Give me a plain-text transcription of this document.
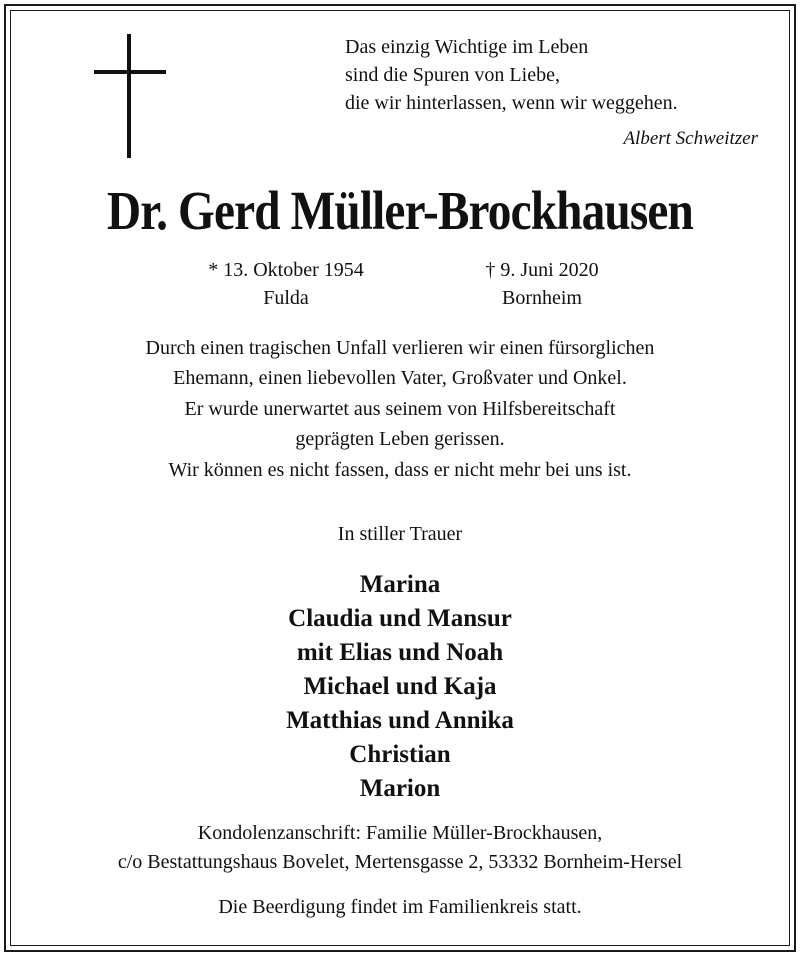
Das einzig Wichtige im Leben
sind die Spuren von Liebe,
die wir hinterlassen, wenn wir weggehen.
Albert Schweitzer
Dr. Gerd Müller-Brockhausen
* 13. Oktober 1954
Fulda
† 9. Juni 2020
Bornheim
Durch einen tragischen Unfall verlieren wir einen fürsorglichen
Ehemann, einen liebevollen Vater, Großvater und Onkel.
Er wurde unerwartet aus seinem von Hilfsbereitschaft
geprägten Leben gerissen.
Wir können es nicht fassen, dass er nicht mehr bei uns ist.
In stiller Trauer
Marina
Claudia und Mansur
mit Elias und Noah
Michael und Kaja
Matthias und Annika
Christian
Marion
Kondolenzanschrift: Familie Müller-Brockhausen,
c/o Bestattungshaus Bovelet, Mertensgasse 2, 53332 Bornheim-Hersel
Die Beerdigung findet im Familienkreis statt.
